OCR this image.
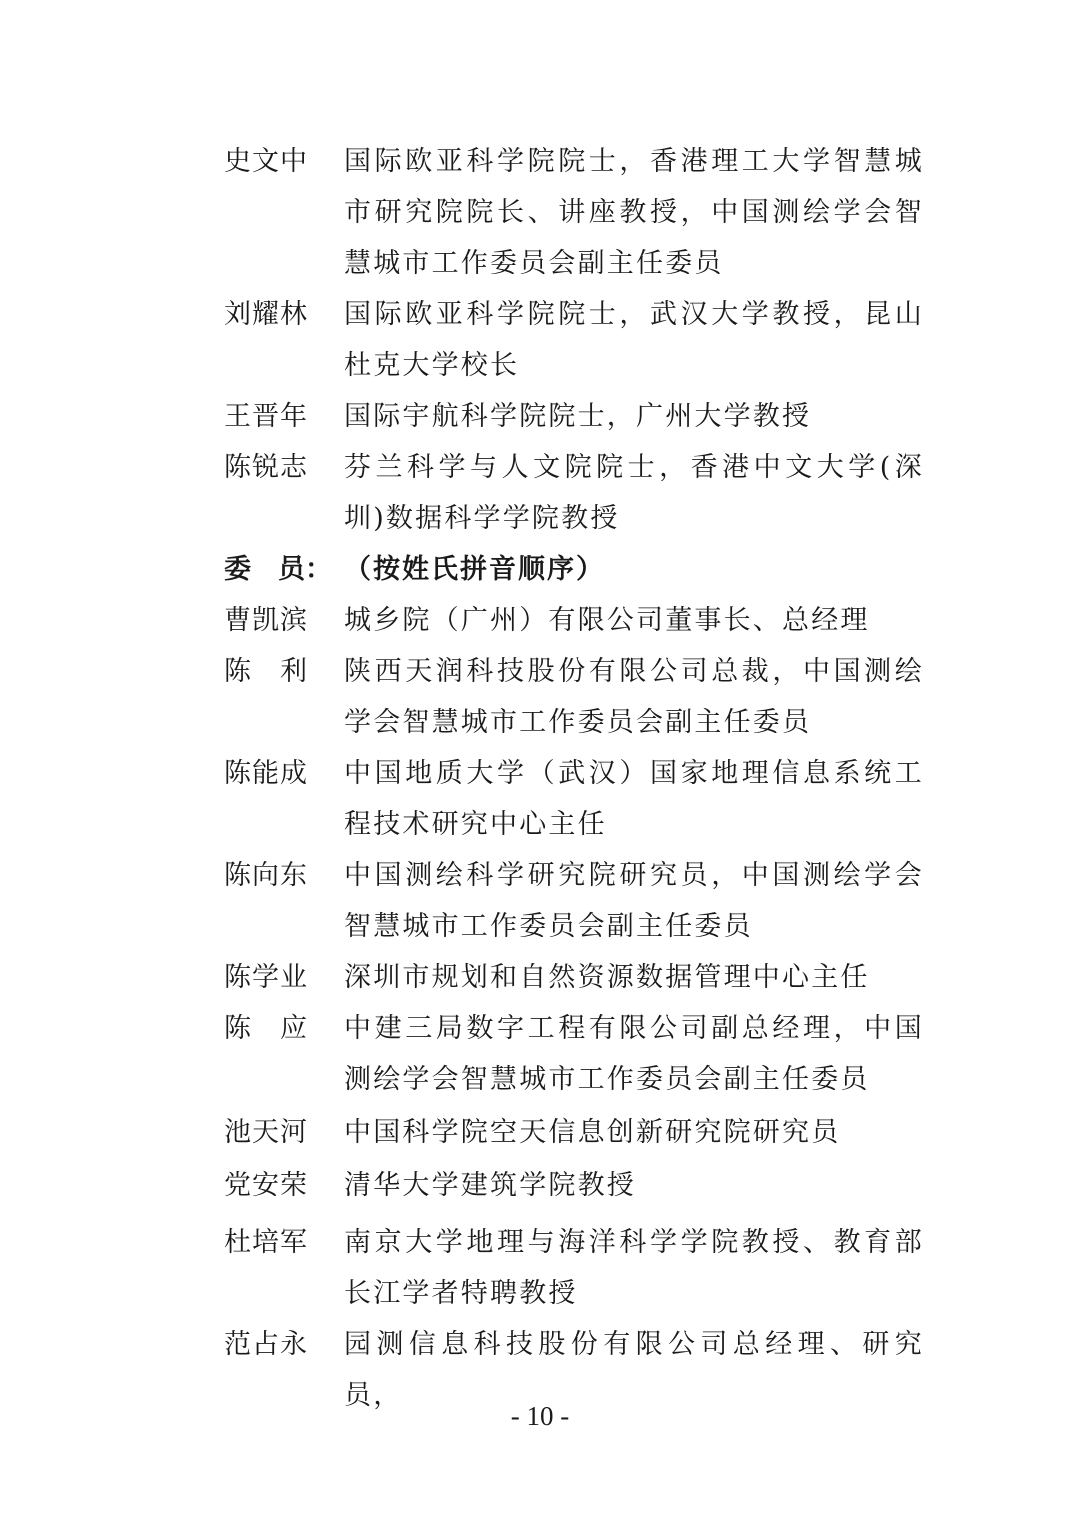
史文中	国际欧亚科学院院士，香港理工大学智慧城市研究院院长、讲座教授，中国测绘学会智慧城市工作委员会副主任委员
刘耀林	国际欧亚科学院院士，武汉大学教授，昆山杜克大学校长
王晋年	国际宇航科学院院士，广州大学教授
陈锐志	芬兰科学与人文院院士，香港中文大学(深圳)数据科学学院教授
委　员： （按姓氏拼音顺序）
曹凯滨	城乡院（广州）有限公司董事长、总经理
陈　利	陕西天润科技股份有限公司总裁，中国测绘学会智慧城市工作委员会副主任委员
陈能成	中国地质大学（武汉）国家地理信息系统工程技术研究中心主任
陈向东	中国测绘科学研究院研究员，中国测绘学会智慧城市工作委员会副主任委员
陈学业	深圳市规划和自然资源数据管理中心主任
陈　应	中建三局数字工程有限公司副总经理，中国测绘学会智慧城市工作委员会副主任委员
池天河	中国科学院空天信息创新研究院研究员
党安荣	清华大学建筑学院教授
杜培军	南京大学地理与海洋科学学院教授、教育部长江学者特聘教授
范占永	园测信息科技股份有限公司总经理、研究员，
- 10 -
